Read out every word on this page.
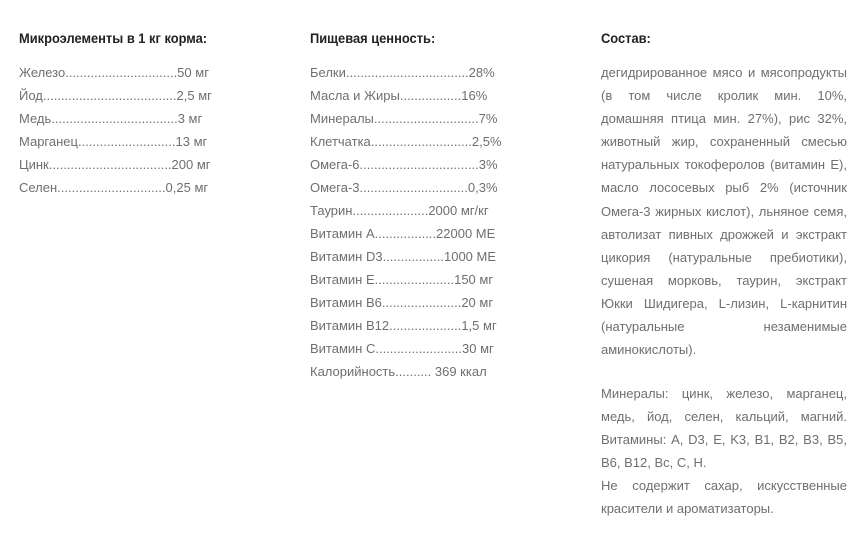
Микроэлементы в 1 кг корма:
Железо...............................50 мг
Йод.....................................2,5 мг
Медь...................................3 мг
Марганец...........................13 мг
Цинк..................................200 мг
Селен..............................0,25 мг
Пищевая ценность:
Белки..................................28%
Масла и Жиры.................16%
Минералы.............................7%
Клетчатка............................2,5%
Омега-6.................................3%
Омега-3..............................0,3%
Таурин.....................2000 мг/кг
Витамин А.................22000 МЕ
Витамин D3.................1000 МЕ
Витамин Е......................150 мг
Витамин В6......................20 мг
Витамин В12....................1,5 мг
Витамин С........................30 мг
Калорийность.......... 369 ккал
Состав:

дегидрированное мясо и мясопродукты (в том числе кролик мин. 10%, домашняя птица мин. 27%), рис 32%, животный жир, сохраненный смесью натуральных токоферолов (витамин E), масло лососевых рыб 2% (источник Омега-3 жирных кислот), льняное семя, автолизат пивных дрожжей и экстракт цикория (натуральные пребиотики), сушеная морковь, таурин, экстракт Юкки Шидигера, L-лизин, L-карнитин (натуральные незаменимые аминокислоты).

Минералы: цинк, железо, марганец, медь, йод, селен, кальций, магний. Витамины: A, D3, E, K3, B1, B2, B3, B5, B6, B12, Bc, C, H.

Не содержит сахар, искусственные красители и ароматизаторы.
